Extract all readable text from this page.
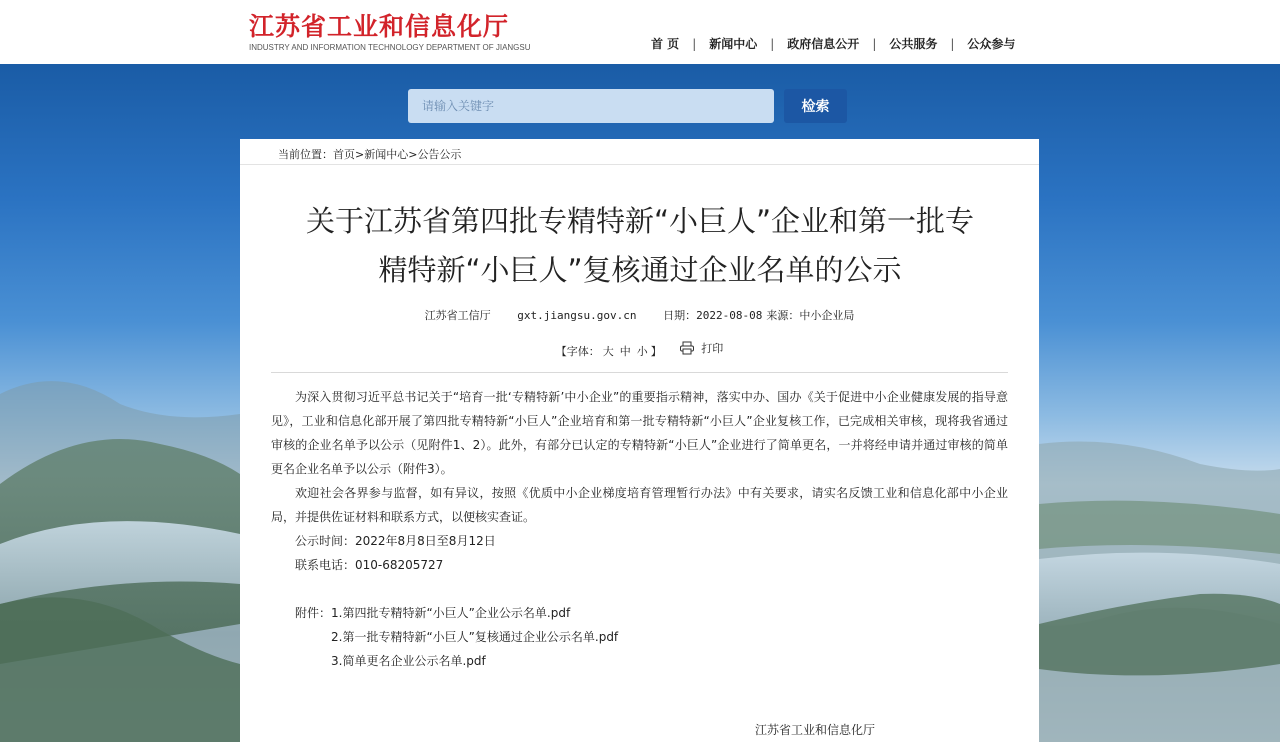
江苏省工业和信息化厅
INDUSTRY AND INFORMATION TECHNOLOGY DEPARTMENT OF JIANGSU	首 页 | 新闻中心 | 政府信息公开 | 公共服务 | 公众参与
请输入关键字
检索
当前位置：首页>新闻中心>公告公示
关于江苏省第四批专精特新“小巨人”企业和第一批专
精特新“小巨人”复核通过企业名单的公示
江苏省工信厅 gxt.jiangsu.gov.cn 日期：2022-08-08 来源：中小企业局
【字体： 大 中 小 】	打印

为深入贯彻习近平总书记关于“培育一批‘专精特新’中小企业”的重要指示精神，落实中办、国办《关于促进中小企业健康发展的指导意见》，工业和信息化部开展了第四批专精特新“小巨人”企业培育和第一批专精特新“小巨人”企业复核工作，已完成相关审核，现将我省通过审核的企业名单予以公示（见附件1、2）。此外，有部分已认定的专精特新“小巨人”企业进行了简单更名，一并将经申请并通过审核的简单更名企业名单予以公示（附件3）。

欢迎社会各界参与监督，如有异议，按照《优质中小企业梯度培育管理暂行办法》中有关要求，请实名反馈工业和信息化部中小企业局，并提供佐证材料和联系方式，以便核实查证。

公示时间：2022年8月8日至8月12日
联系电话：010-68205727
附件：1.第四批专精特新“小巨人”企业公示名单.pdf
2.第一批专精特新“小巨人”复核通过企业公示名单.pdf
3.简单更名企业公示名单.pdf
江苏省工业和信息化厅
